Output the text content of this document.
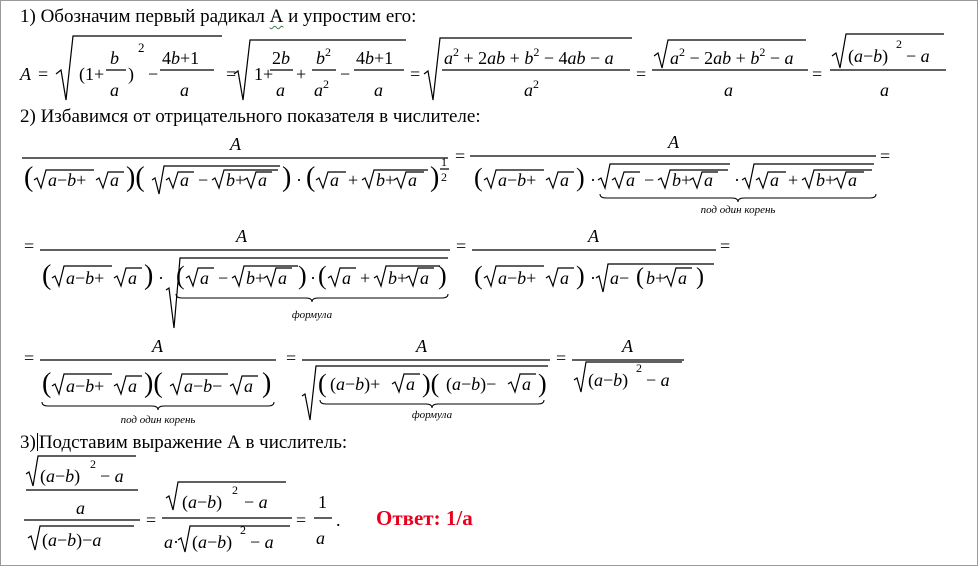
1) Обозначим первый радикал А и упростим его:
2) Избавимся от отрицательного показателя в числителе:
3) Подставим выражение А в числитель:
Ответ: 1/а
A = ( 1+
b
a
)
2
−
4b+1
a
= 1+
2b
a
+
b 2
a 2 −
4b+1
a
=
$a^2 + 2ab + b^2 - 4ab - a$
a 2	=
$a^2 - 2ab + b^2 - a$
a
=
(a−b)
2
− a
a
A
( a−b+ a )( a − b+ a ) · ( a + b+ a ) 1
2
=
A
( a−b+ a ) · a − b+ a · a + b+ a
под один корень
=
=	A
( a−b+ a ) · ( a − b+ a ) · ( a + b+ a )
формула
=	A
( a−b+ a ) · a− ( b+ a )
=
=
A
( a−b+ a )( a−b− a )
под один корень
=
A
( (a−b)+ a )( (a−b)− a )
формула
=
A
(a−b)
2
− a
(a−b)
2
− a
a
(a−b)−a
=
(a−b)
2
− a
a· (a−b)
2
− a
=
1
a
.
